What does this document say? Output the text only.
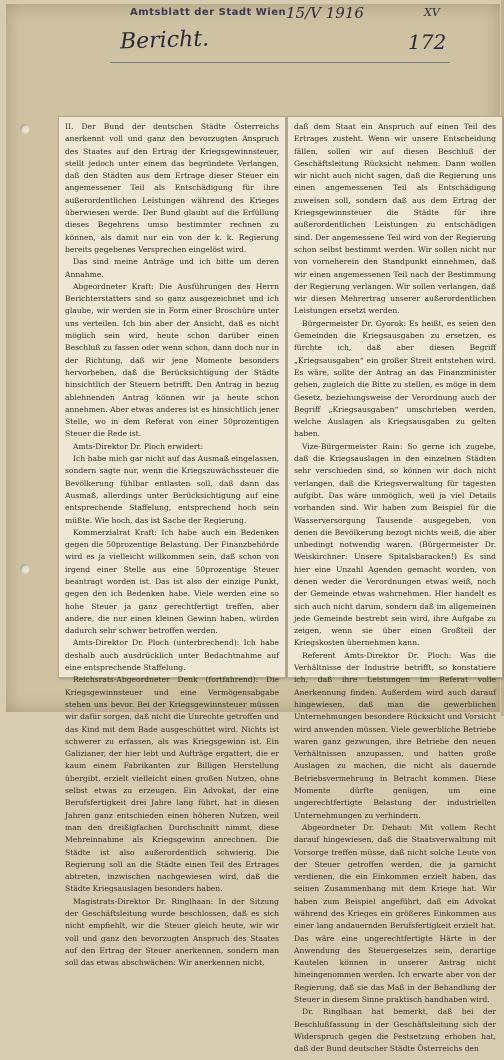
Amtsblatt der Stadt Wien 15/V 1916	XV
Bericht.	172

II. Der Bund der deutschen Städte Österreichs anerkennt voll und ganz den bevorzugten Anspruch des Staates auf den Ertrag der Kriegsgewinnsteuer, stellt jedoch unter einem das begründete Verlangen, daß den Städten aus dem Ertrage dieser Steuer ein angemessener Teil als Entschädigung für ihre außerordentlichen Leistungen während des Krieges überwiesen werde. Der Bund glaubt auf die Erfüllung dieses Begehrens umso bestimmter rechnen zu können, als damit nur ein von der k. k. Regierung bereits gegebenes Versprechen eingelöst wird.

Das sind meine Anträge und ich bitte um deren Annahme.

Abgeordneter Kraft: Die Ausführungen des Herrn Berichterstatters sind so ganz ausgezeichnet und ich glaube, wir werden sie in Form einer Broschüre unter uns verteilen. Ich bin aber der Ansicht, daß es nicht möglich sein wird, heute schon darüber einen Beschluß zu fassen oder wenn schon, dann doch nur in der Richtung, daß wir jene Momente besonders hervorheben, daß die Berücksichtigung der Städte hinsichtlich der Steuern betrifft. Den Antrag in bezug ablehnenden Antrag können wir ja heute schon annehmen. Aber etwas anderes ist es hinsichtlich jener Stelle, wo in dem Referat von einer 50prozentigen Steuer die Rede ist.

Amts-Direktor Dr. Ploch erwidert:

Ich habe mich gar nicht auf das Ausmaß eingelassen, sondern sagte nur, wenn die Kriegszuwächssteuer die Bevölkerung fühlbar entlasten soll, daß dann das Ausmaß, allerdings unter Berücksichtigung auf eine entsprechende Staffelung, entsprechend hoch sein müßte. Wie hoch, das ist Sache der Regierung.

Kommerzialrat Kraft: Ich habe auch ein Bedenken gegen die 50prozentige Belastung. Der Finanzbehörde wird es ja vielleicht willkommen sein, daß schon von irgend einer Stelle aus eine 50prozentige Steuer beantragt worden ist. Das ist also der einzige Punkt, gegen den ich Bedenken habe. Viele werden eine so hohe Steuer ja ganz gerechtfertigt treffen, aber andere, die nur einen kleinen Gewinn haben, würden dadurch sehr schwer betroffen werden.

Amts-Direktor Dr. Ploch (unterbrechend): Ich habe deshalb auch ausdrücklich unter Bedachtnahme auf eine entsprechende Staffelung.

Reichsrats-Abgeordneter Denk (fortfahrend): Die Kriegsgewinnsteuer und eine Vermögensabgabe stehen uns bevor. Bei der Kriegsgewinnsteuer müssen wir dafür sorgen, daß nicht die Unrechte getroffen und das Kind mit dem Bade ausgeschüttet wird. Nichts ist schwerer zu erfassen, als was Kriegsgewinn ist. Ein Galizianer, der hier lebt und Aufträge ergattert, die er kaum einem Fabrikanten zur Billigen Herstellung übergibt, erzielt vielleicht einen großen Nutzen, ohne selbst etwas zu erzeugen. Ein Advokat, der eine Berufsfertigkeit drei Jahre lang führt, hat in diesen Jahren ganz entschieden einen höheren Nutzen, weil man den dreißigfachen Durchschnitt nimmt, diese Mehreinnahme als Kriegsgewinn anrechnen. Die Städte ist also außerordentlich schwierig. Die Regierung soll an die Städte einen Teil des Ertrages abtreten, inzwischen nachgewiesen wird, daß die Städte Kriegsauslagen besonders haben.

Magistrats-Direktor Dr. Ringlhaan: In der Sitzung der Geschäftsleitung wurde beschlossen, daß es sich nicht empfiehlt, wir die Steuer gleich heute, wir wir voll und ganz den bevorzugten Anspruch des Staates auf den Ertrag der Steuer anerkennen, sondern man soll das etwas abschwächen: Wir anerkennen nicht,

daß dem Staat ein Anspruch auf einen Teil des Ertrages zusteht. Wenn wir unsere Entscheidung fällen, sollen wir auf diesen Beschluß der Geschäftsleitung Rücksicht nehmen. Dann wollen wir nicht auch nicht sagen, daß die Regierung uns einen angemessenen Teil als Entschädigung zuweisen soll, sondern daß aus dem Ertrag der Kriegsgewinnsteuer die Städte für ihre außerordentlichen Leistungen zu entschädigen sind. Der angemessene Teil wird von der Regierung schon selbst bestimmt werden. Wir sollen nicht nur von vorneherein den Standpunkt einnehmen, daß wir einen angemessenen Teil nach der Bestimmung der Regierung verlangen. Wir sollen verlangen, daß wir diesen Mehrertrag unserer außerordentlichen Leistungen ersetzt werden.

Bürgermeister Dr. Gyorok: Es heißt, es seien den Gemeinden die Kriegsausgaben zu ersetzen, es fürchte ich, daß aber diesen Begriff „Kriegsausgaben“ ein großer Streit entstehen wird. Es wäre, sollte der Antrag an das Finanzminister gehen, zugleich die Bitte zu stellen, es möge in dem Gesetz, beziehungsweise der Verordnung auch der Begriff „Kriegsausgaben“ umschrieben werden, welche Auslagen als Kriegsausgaben zu gelten haben.

Vize-Bürgermeister Rain: So gerne ich zugebe, daß die Kriegsauslagen in den einzelnen Städten sehr verschieden sind, so können wir doch nicht verlangen, daß die Kriegsverwaltung für tagesten aufgibt. Das wäre unmöglich, weil ja viel Details vorhanden sind. Wir haben zum Beispiel für die Wasserversorgung Tausende ausgegeben, von denen die Bevölkerung bezogt nichts weiß, die aber unbedingt notwendig waren. (Bürgermeister Dr. Weiskirchner: Unsere Spitalsbaracken!) Es sind hier eine Unzahl Agenden gemacht worden, von denen weder die Verordnungen etwas weiß, noch der Gemeinde etwas wahrnehmen. Hier handelt es sich auch nicht darum, sondern daß im allgemeinen jede Gemeinde bestrebt sein wird, ihre Aufgabe zu zeigen, wenn sie über einen Großteil der Kriegskosten übernehmen kann.

Referent Amts-Direktor Dr. Ploch: Was die Verhältnisse der Industrie betrifft, so konstatiere ich, daß ihre Leistungen im Referat volle Anerkennung finden. Außerdem wird auch darauf hingewiesen, daß man die gewerblichen Unternehmungen besondere Rücksicht und Vorsicht wird anwenden müssen. Viele gewerbliche Betriebe waren ganz gezwungen, ihre Betriebe den neuen Verhältnissen anzupassen, und hatten große Auslagen zu machen, die nicht als dauernde Betriebsvermehrung in Betracht kommen. Diese Momente dürfte genügen, um eine ungerechtfertigte Belastung der industriellen Unternehmungen zu verhindern.

Abgeordneter Dr. Dehaut: Mit vollem Recht darauf hingewiesen, daß die Staatsverwaltung mit Vorsorge treffen müsse, daß nicht solche Leute von der Steuer getroffen werden, die ja garnicht verdienen, die ein Einkommen erzielt haben, das seinen Zusammenhang mit dem Kriege hat. Wir haben zum Beispiel angeführt, daß ein Advokat während des Krieges ein größeres Einkommen aus einer lang andauernden Berufsfertigkeit erzielt hat. Das wäre eine ungerechtfertigte Härte in der Anwendung des Steuergesetzes sein, derartige Kautelen können in unserer Antrag nicht hineingenommen werden. Ich erwarte aber von der Regierung, daß sie das Maß in der Behandlung der Steuer in diesem Sinne praktisch handhaben wird.

Dr. Ringlhaan hat bemerkt, daß bei der Beschlußfassung in der Geschäftsleitung sich der Widerspruch gegen die Festsetzung erhoben hat, daß der Bund deutscher Städte Österreichs den
